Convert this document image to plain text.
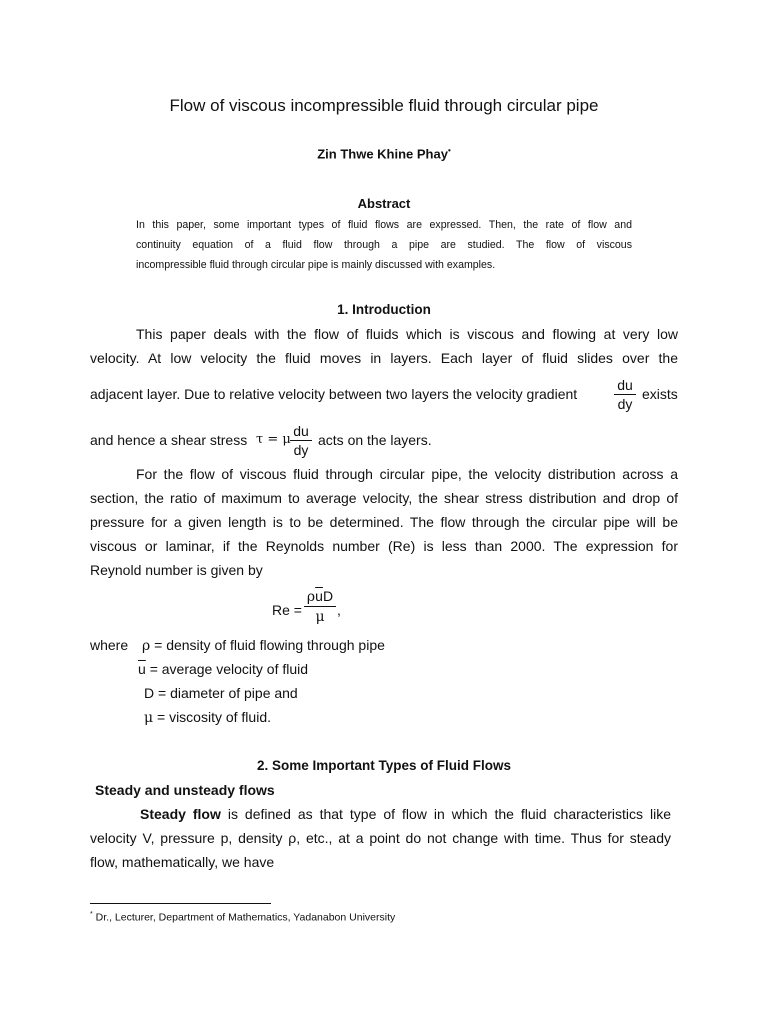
Flow of viscous incompressible fluid through circular pipe
Zin Thwe Khine Phay•
Abstract
In this paper, some important types of fluid flows are expressed. Then, the rate of flow and
continuity equation of a fluid flow through a pipe are studied. The flow of viscous
incompressible fluid through circular pipe is mainly discussed with examples.
1. Introduction
This paper deals with the flow of fluids which is viscous and flowing at very low
velocity. At low velocity the fluid moves in layers. Each layer of fluid slides over the
adjacent layer. Due to relative velocity between two layers the velocity gradient
du
dy
exists
and hence a shear stress τ = μ
du
dy
acts on the layers.
For the flow of viscous fluid through circular pipe, the velocity distribution across a
section, the ratio of maximum to average velocity, the shear stress distribution and drop of
pressure for a given length is to be determined. The flow through the circular pipe will be
viscous or laminar, if the Reynolds number (Re) is less than 2000. The expression for
Reynold number is given by
Re =
$\rho\overline{u}D$
μ ,
where ρ = density of fluid flowing through pipe
$\overline{u}$ = average velocity of fluid
D = diameter of pipe and
μ = viscosity of fluid.
2. Some Important Types of Fluid Flows
Steady and unsteady flows
Steady flow is defined as that type of flow in which the fluid characteristics like
velocity V, pressure p, density ρ, etc., at a point do not change with time. Thus for steady
flow, mathematically, we have
* Dr., Lecturer, Department of Mathematics, Yadanabon University
